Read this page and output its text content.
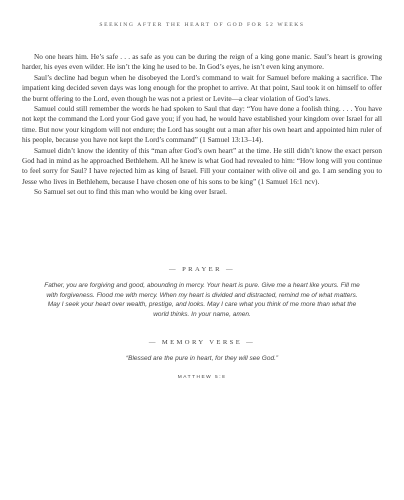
SEEKING AFTER THE HEART OF GOD FOR 52 WEEKS

No one hears him. He’s safe . . . as safe as you can be during the reign of a king gone manic. Saul’s heart is growing harder, his eyes even wilder. He isn’t the king he used to be. In God’s eyes, he isn’t even king anymore.

Saul’s decline had begun when he disobeyed the Lord’s command to wait for Samuel before making a sacrifice. The impatient king decided seven days was long enough for the prophet to arrive. At that point, Saul took it on himself to offer the burnt offering to the Lord, even though he was not a priest or Levite—a clear violation of God’s laws.

Samuel could still remember the words he had spoken to Saul that day: “You have done a foolish thing. . . . You have not kept the command the Lord your God gave you; if you had, he would have established your kingdom over Israel for all time. But now your kingdom will not endure; the Lord has sought out a man after his own heart and appointed him ruler of his people, because you have not kept the Lord’s command” (1 Samuel 13:13–14).

Samuel didn’t know the identity of this “man after God’s own heart” at the time. He still didn’t know the exact person God had in mind as he approached Bethlehem. All he knew is what God had revealed to him: “How long will you continue to feel sorry for Saul? I have rejected him as king of Israel. Fill your container with olive oil and go. I am sending you to Jesse who lives in Bethlehem, because I have chosen one of his sons to be king” (1 Samuel 16:1 ncv).

So Samuel set out to find this man who would be king over Israel.

— PRAYER —
Father, you are forgiving and good, abounding in mercy. Your heart is pure. Give me a heart like yours. Fill me with forgiveness. Flood me with mercy. When my heart is divided and distracted, remind me of what matters. May I seek your heart over wealth, prestige, and looks. May I care what you think of me more than what the world thinks. In your name, amen.
— MEMORY VERSE —
“Blessed are the pure in heart, for they will see God.”
MATTHEW 5:8
